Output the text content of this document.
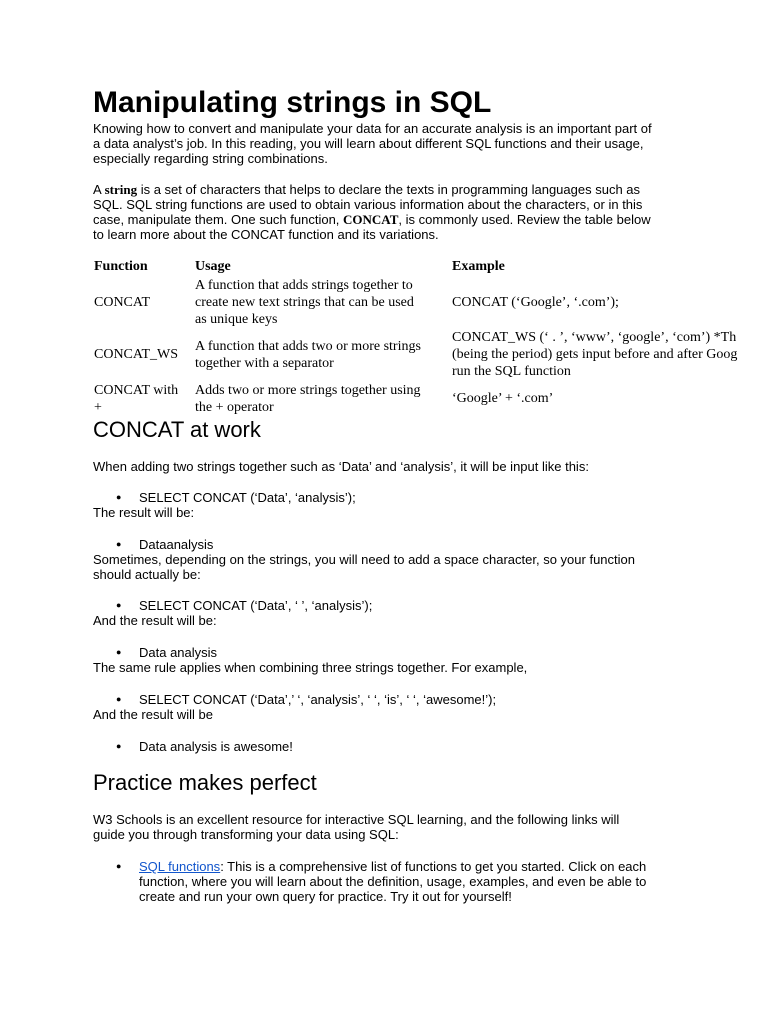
Manipulating strings in SQL
Knowing how to convert and manipulate your data for an accurate analysis is an important part of
a data analyst’s job. In this reading, you will learn about different SQL functions and their usage,
especially regarding string combinations.
A string is a set of characters that helps to declare the texts in programming languages such as
SQL. SQL string functions are used to obtain various information about the characters, or in this
case, manipulate them. One such function, CONCAT, is commonly used. Review the table below
to learn more about the CONCAT function and its variations.
Function	Usage	Example
CONCAT
A function that adds strings together to
create new text strings that can be used
as unique keys
CONCAT (‘Google’, ‘.com’);
CONCAT_WS
A function that adds two or more strings
together with a separator
CONCAT_WS (‘ . ’, ‘www’, ‘google’, ‘com’) *Th
(being the period) gets input before and after Goog
run the SQL function
CONCAT with
+
Adds two or more strings together using
the + operator
‘Google’ + ‘.com’
CONCAT at work
When adding two strings together such as ‘Data’ and ‘analysis’, it will be input like this:
● SELECT CONCAT (‘Data’, ‘analysis’);
The result will be:
● Dataanalysis
Sometimes, depending on the strings, you will need to add a space character, so your function
should actually be:
● SELECT CONCAT (‘Data’, ‘ ’, ‘analysis’);
And the result will be:
● Data analysis
The same rule applies when combining three strings together. For example,
● SELECT CONCAT (‘Data’,’ ‘, ‘analysis’, ‘ ‘, ‘is’, ‘ ‘, ‘awesome!’);
And the result will be
● Data analysis is awesome!
Practice makes perfect
W3 Schools is an excellent resource for interactive SQL learning, and the following links will
guide you through transforming your data using SQL:
● SQL functions: This is a comprehensive list of functions to get you started. Click on each
function, where you will learn about the definition, usage, examples, and even be able to
create and run your own query for practice. Try it out for yourself!
